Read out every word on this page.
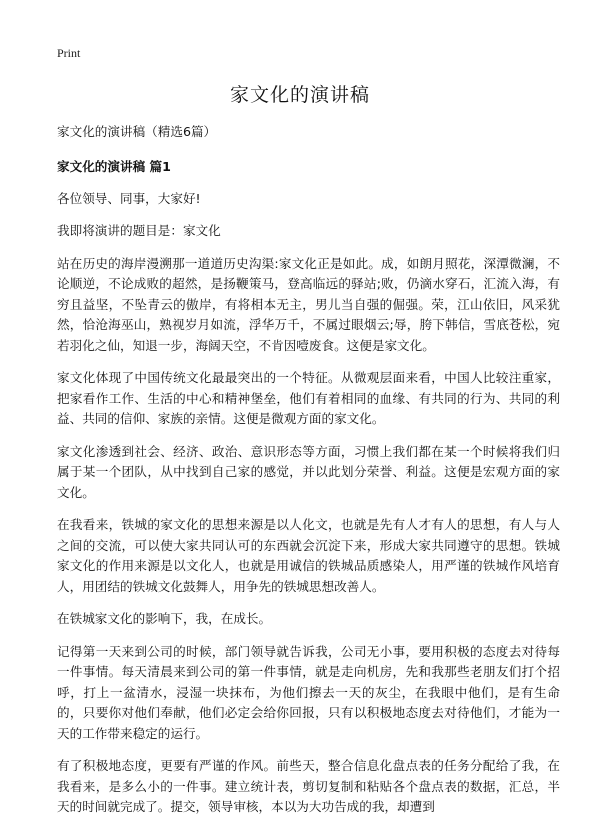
Print
家文化的演讲稿

家文化的演讲稿（精选6篇）

家文化的演讲稿 篇1

各位领导、同事，大家好!

我即将演讲的题目是：家文化

站在历史的海岸漫溯那一道道历史沟渠:家文化正是如此。成，如朗月照花，深潭微澜，不论顺逆，不论成败的超然，是扬鞭策马，登高临远的驿站;败，仍滴水穿石，汇流入海，有穷且益坚，不坠青云的傲岸，有将相本无主，男儿当自强的倔强。荣，江山依旧，风采犹然，恰沧海巫山，熟视岁月如流，浮华万千，不属过眼烟云;辱，胯下韩信，雪底苍松，宛若羽化之仙，知退一步，海阔天空，不肯因噎废食。这便是家文化。

家文化体现了中国传统文化最最突出的一个特征。从微观层面来看，中国人比较注重家，把家看作工作、生活的中心和精神堡垒，他们有着相同的血缘、有共同的行为、共同的利益、共同的信仰、家族的亲情。这便是微观方面的家文化。

家文化渗透到社会、经济、政治、意识形态等方面，习惯上我们都在某一个时候将我们归属于某一个团队，从中找到自己家的感觉，并以此划分荣誉、利益。这便是宏观方面的家文化。

在我看来，铁城的家文化的思想来源是以人化文，也就是先有人才有人的思想，有人与人之间的交流，可以使大家共同认可的东西就会沉淀下来，形成大家共同遵守的思想。铁城家文化的作用来源是以文化人，也就是用诚信的铁城品质感染人，用严谨的铁城作风培育人，用团结的铁城文化鼓舞人，用争先的铁城思想改善人。

在铁城家文化的影响下，我，在成长。

记得第一天来到公司的时候，部门领导就告诉我，公司无小事，要用积极的态度去对待每一件事情。每天清晨来到公司的第一件事情，就是走向机房，先和我那些老朋友们打个招呼，打上一盆清水，浸湿一块抹布，为他们擦去一天的灰尘，在我眼中他们，是有生命的，只要你对他们奉献，他们必定会给你回报，只有以积极地态度去对待他们，才能为一天的工作带来稳定的运行。

有了积极地态度，更要有严谨的作风。前些天，整合信息化盘点表的任务分配给了我，在我看来，是多么小的一件事。建立统计表，剪切复制和粘贴各个盘点表的数据，汇总，半天的时间就完成了。提交，领导审核，本以为大功告成的我，却遭到
